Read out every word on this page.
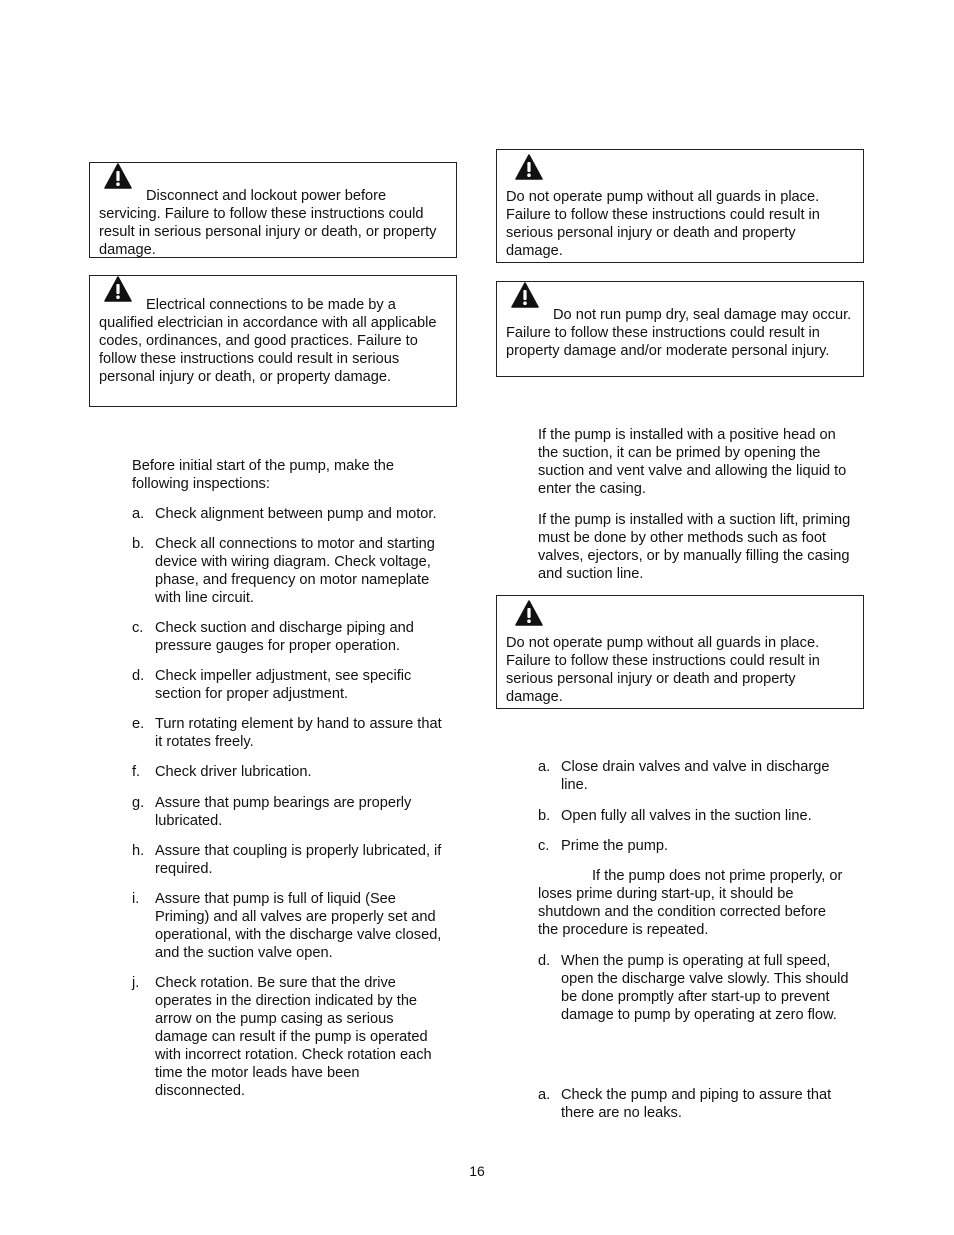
Disconnect and lockout power before servicing. Failure to follow these instructions could result in serious personal injury or death, or property damage.

Electrical connections to be made by a qualified electrician in accordance with all applicable codes, ordinances, and good practices. Failure to follow these instructions could result in serious personal injury or death, or property damage.

Do not operate pump without all guards in place. Failure to follow these instructions could result in serious personal injury or death and property damage.

Do not run pump dry, seal damage may occur. Failure to follow these instructions could result in property damage and/or moderate personal injury.

Do not operate pump without all guards in place. Failure to follow these instructions could result in serious personal injury or death and property damage.

Before initial start of the pump, make the following inspections:

a. Check alignment between pump and motor.
b. Check all connections to motor and starting device with wiring diagram. Check voltage, phase, and frequency on motor nameplate with line circuit.
c. Check suction and discharge piping and pressure gauges for proper operation.
d. Check impeller adjustment, see specific section for proper adjustment.
e. Turn rotating element by hand to assure that it rotates freely.
f. Check driver lubrication.
g. Assure that pump bearings are properly lubricated.
h. Assure that coupling is properly lubricated, if required.
i. Assure that pump is full of liquid (See Priming) and all valves are properly set and operational, with the discharge valve closed, and the suction valve open.
j. Check rotation. Be sure that the drive operates in the direction indicated by the arrow on the pump casing as serious damage can result if the pump is operated with incorrect rotation. Check rotation each time the motor leads have been disconnected.

If the pump is installed with a positive head on the suction, it can be primed by opening the suction and vent valve and allowing the liquid to enter the casing.

If the pump is installed with a suction lift, priming must be done by other methods such as foot valves, ejectors, or by manually filling the casing and suction line.

a. Close drain valves and valve in discharge line.
b. Open fully all valves in the suction line.
c. Prime the pump.

If the pump does not prime properly, or loses prime during start-up, it should be shutdown and the condition corrected before the procedure is repeated.

d. When the pump is operating at full speed, open the discharge valve slowly. This should be done promptly after start-up to prevent damage to pump by operating at zero flow.
a. Check the pump and piping to assure that there are no leaks.
16
